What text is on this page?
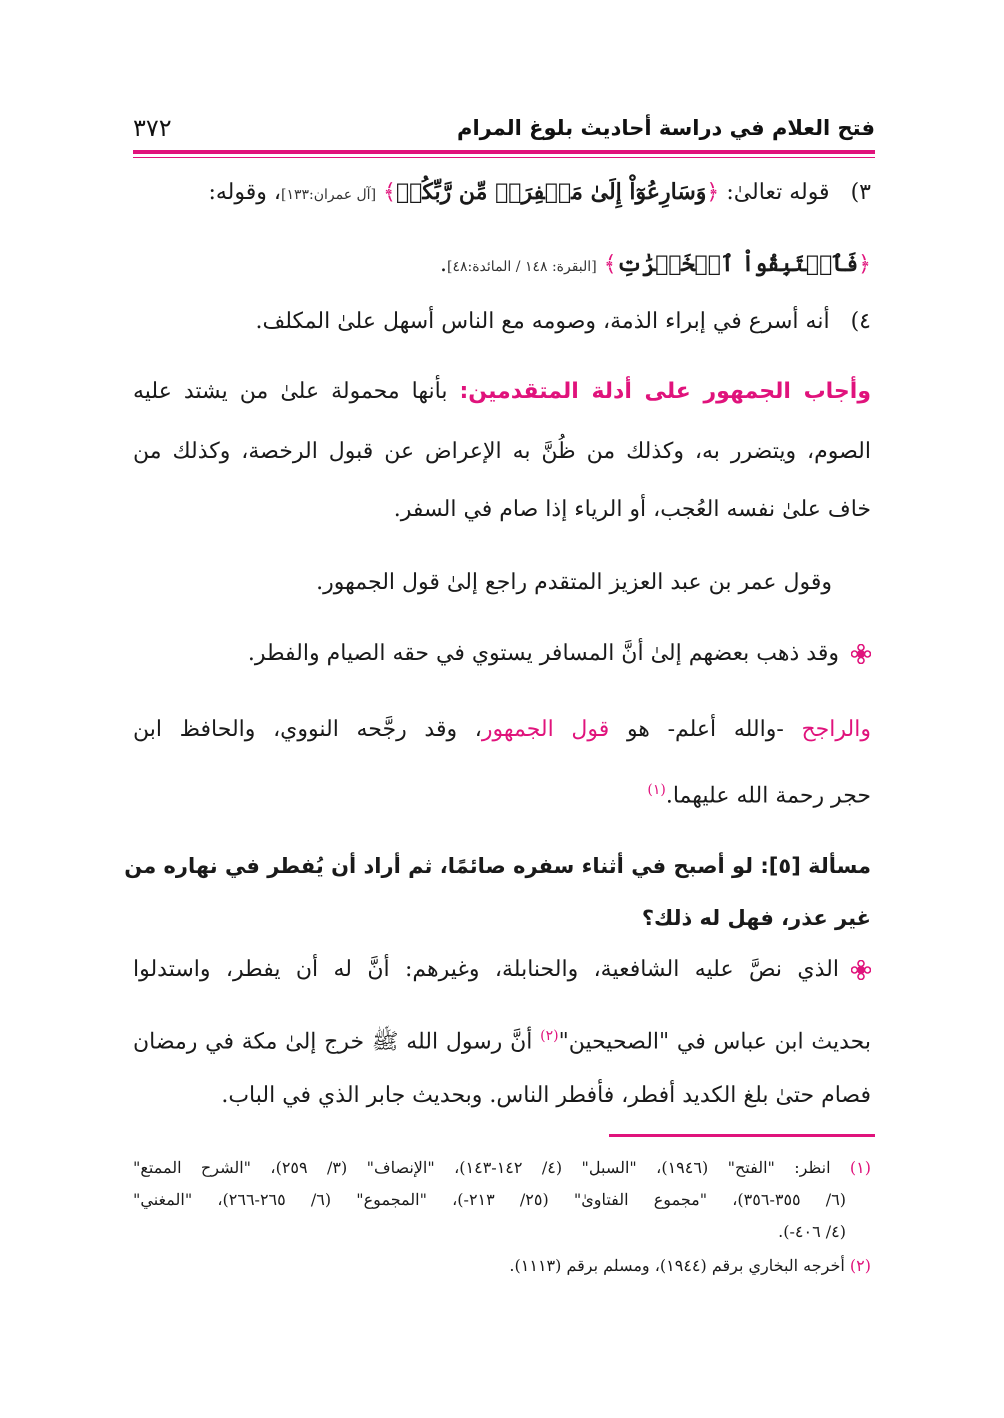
فتح العلام في دراسة أحاديث بلوغ المرام
٣٧٢
٣) قوله تعالىٰ: ﴿وَسَارِعُوٓاْ إِلَىٰ مَغۡفِرَةٖ مِّن رَّبِّكُمۡ﴾ [آل عمران:١٣٣]، وقوله:
﴿فَٱسۡتَبِقُواْ ٱلۡخَيۡرَٰتِ﴾ [البقرة: ١٤٨ / المائدة:٤٨].
٤) أنه أسرع في إبراء الذمة، وصومه مع الناس أسهل علىٰ المكلف.
وأجاب الجمهور على أدلة المتقدمين: بأنها محمولة علىٰ من يشتد عليه
الصوم، ويتضرر به، وكذلك من ظُنَّ به الإعراض عن قبول الرخصة، وكذلك من
خاف علىٰ نفسه العُجب، أو الرياء إذا صام في السفر.
وقول عمر بن عبد العزيز المتقدم راجع إلىٰ قول الجمهور.
وقد ذهب بعضهم إلىٰ أنَّ المسافر يستوي في حقه الصيام والفطر.
والراجح -والله أعلم- هو قول الجمهور، وقد رجَّحه النووي، والحافظ ابن
حجر رحمة الله عليهما.$^{(١)}$
مسألة [٥]: لو أصبح في أثناء سفره صائمًا، ثم أراد أن يُفطر في نهاره من
غير عذر، فهل له ذلك؟
الذي نصَّ عليه الشافعية، والحنابلة، وغيرهم: أنَّ له أن يفطر، واستدلوا
بحديث ابن عباس في "الصحيحين"$^{(٢)}$ أنَّ رسول الله ﷺ خرج إلىٰ مكة في رمضان
فصام حتىٰ بلغ الكديد أفطر، فأفطر الناس. وبحديث جابر الذي في الباب.
(١) انظر: "الفتح" (١٩٤٦)، "السبل" (٤/ ١٤٢-١٤٣)، "الإنصاف" (٣/ ٢٥٩)، "الشرح الممتع"
(٦/ ٣٥٥-٣٥٦)، "مجموع الفتاوىٰ" (٢٥/ ٢١٣-)، "المجموع" (٦/ ٢٦٥-٢٦٦)، "المغني"
(٤/ ٤٠٦-).
(٢) أخرجه البخاري برقم (١٩٤٤)، ومسلم برقم (١١١٣).
